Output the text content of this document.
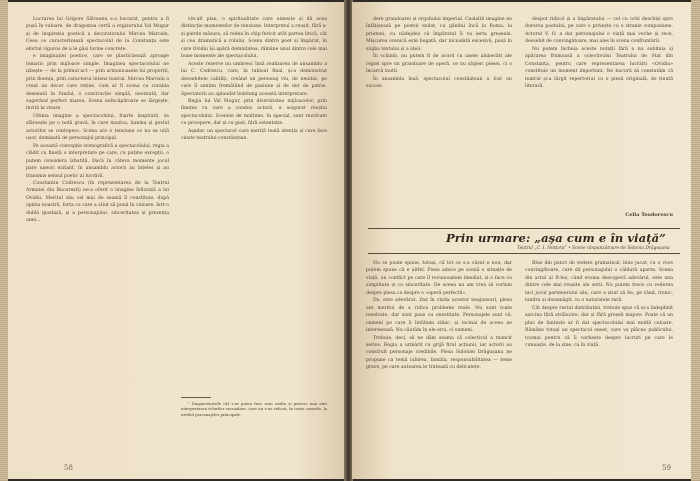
Lucrarea lui Grigore Sălceanu s-a bucurat, pentru a fi pusă în valoare, de dragostea certă a regizorului Val Mugur și de inspirația poetică a decoratorului Mircea Marosin. Ceea ce caracterizează spectacolul de la Constanța este efortul viguros de a le găsi forme concrete.

e imaginației poetice, care se plasticizează aproape tematic prin mijloace simple. Imaginea spectacolului ne izbește — de la primul act — prin armonioasele lui proporții, prin fluența, prin caracterul intens teatral. Mircea Marosin a creat un decor care reține, cum ar fi scena cu corabia desenată în fundal, o construcție simplă, neornată, dar sugerând perfect marea. Scena neîncăpătoare se lărgește, invită la visare.

Ultima imagine a spectacolului, foarte inspirată, se sfârșește pe o notă gravă, în care muzica, lumina și gestul actorilor se contopesc. Scena are o tensiune ce nu se uită ușor, dominată de personajul principal.

Pe această concepție scenografică a spectacolului, regia a clădit cu fineță o interpretare pe care, cu puține excepții, o putem considera izbutită. Dacă în câteva momente jocul pare uneori ezitant, în ansamblu actorii au înțeles și au transmis sensul poetic al lucrării.

Constantin Codrescu (în reprezentarea de la Teatrul Armatei din București) ne-a oferit o imagine înfiorată a lui Ovidiu. Meritul său cel mai de seamă îl constituie, după opinia noastră, forța cu care a știut să pună în valoare, într-o dublă ipostază, și a personajului, sinceritatea și prezența unei...

vin-alt plan, o spiritualitate care uimește și dă acea distincție momentelor de tensiune. Interpretul a reușit, fără a-și pierde măsura, să redea în chip fericit atât partea lirică, cât și cea dramatică a rolului. Scena dintre poet și împărat, în care Ovidiu își apără demnitatea, rămâne unul dintre cele mai bune momente ale spectacolului.

Aceste rezerve nu umbresc însă realizarea de ansamblu a lui C. Codrescu, care, în tabloul final, și-a demonstrat deosebitele calități, creând un personaj viu, de neuitat, pe care îl simțim fremătând de pasiune și de dor de patrie. Spectatorii au aplaudat îndelung această interpretare.

Regia lui Val Mugur, prin diversitatea mijloacelor, prin finețea cu care a condus actorii, a asigurat reușita spectacolului. Scenele de mulțime, în special, sunt rezolvate cu pricepere, dar și cu gust, fără ostentație.

Așadar, un spectacol care merită toată atenția și care face cinste teatrului constănțean.

¹ Diagnosticările cât s-ar putea face sunt multe și privesc mai ales interpretarea rolurilor secundare, care nu s-au ridicat, în toate cazurile, la nivelul personajelor principale.

58

dere grandoarei și orgoliului imperial. Cealaltă imagine ne înfățișează pe poetul exilat, cu gândul încă la Roma, la prieteni, cu nădejdea că împăratul îi va ierta greșeala. Mișcarea scenică este bogată, dar niciodată excesivă, pusă în slujba textului și a ideii.

În schimb, nu putem fi de acord cu unele alunecări ale regiei spre un grandoare de operă, ce nu slujesc piesei, ci o încarcă inutil.

În ansamblu însă, spectacolul constănțean a fost un succes.

despot ridicol și a împăratului — cel cu ochi deschiși spre durerea poetului, pe care o privește cu o stranie compasiune. Actorul V. O. a dat personajului o viață mai veche și rece, deosebit de convingătoare, mai ales în scena confruntării.

Nu putem încheia aceste notații fără a nu sublinia și apărarea frumoasă a colectivului Teatrului de Stat din Constanța, pentru care reprezentarea lucrării «Ovidiu» constituie un moment important. Ne bucură să constatăm că teatrul și-a lărgit repertoriul cu o piesă originală, de ținută literară.

Cella Teodorescu
Prin urmare: „așa cum e în viață”
Teatrul „C. I. Nottara” • Scene răspunzătoare de Sidonia Drăgușanu

Nu se poate spune, totuși, că tot ce s-a văzut e nou; dar putem spune că e altfel. Piesa aduce pe scenă o situație de viață, un conflict pe care îl recunoaștem imediat, și o face cu simplitate și cu sinceritate. De aceea nu am vrea să vorbim despre piesa ca despre o «operă perfectă».

Da, este adevărat. Dar în ciuda acestor neajunsuri, piesa are meritul de a ridica probleme reale. Nu sunt toate rezolvate, dar sunt puse cu onestitate. Personajele sunt vii, oameni pe care îi întâlnim zilnic, și tocmai de aceea ne interesează. Nu căutăm în ele eroi, ci oameni.

Trebuie, deci, să ne dăm seama că colectivul a muncit serios. Regia a urmărit cu grijă firul acțiunii, iar actorii au construit personaje credibile. Piesa Sidoniei Drăgușanu ne propune ca temă iubirea, familia, responsabilitatea — teme grave, pe care autoarea le tratează cu delicatețe.

Blue din punct de vedere gramatical, bine jucat, cu o voce convingătoare, care dă personajului o căldură aparte. Scena din actul al II-lea, când eroina descoperă adevărul, este una dintre cele mai reușite ale serii. Nu putem trece cu vederea nici jocul partenerului său, care a știut să fie, pe rând, ironic, tandru și dezamăgit, cu o naturalețe rară.

Cât despre restul distribuției, trebuie spus că și-a îndeplinit sarcina fără strălucire, dar și fără greșeli majore. Poate că un plus de fantezie ar fi dat spectacolului mai multă culoare. Rămâne totuși un spectacol onest, care va plăcea publicului, tocmai pentru că îi vorbește despre lucruri pe care le cunoaște, de la sine, ca în viață.

59
